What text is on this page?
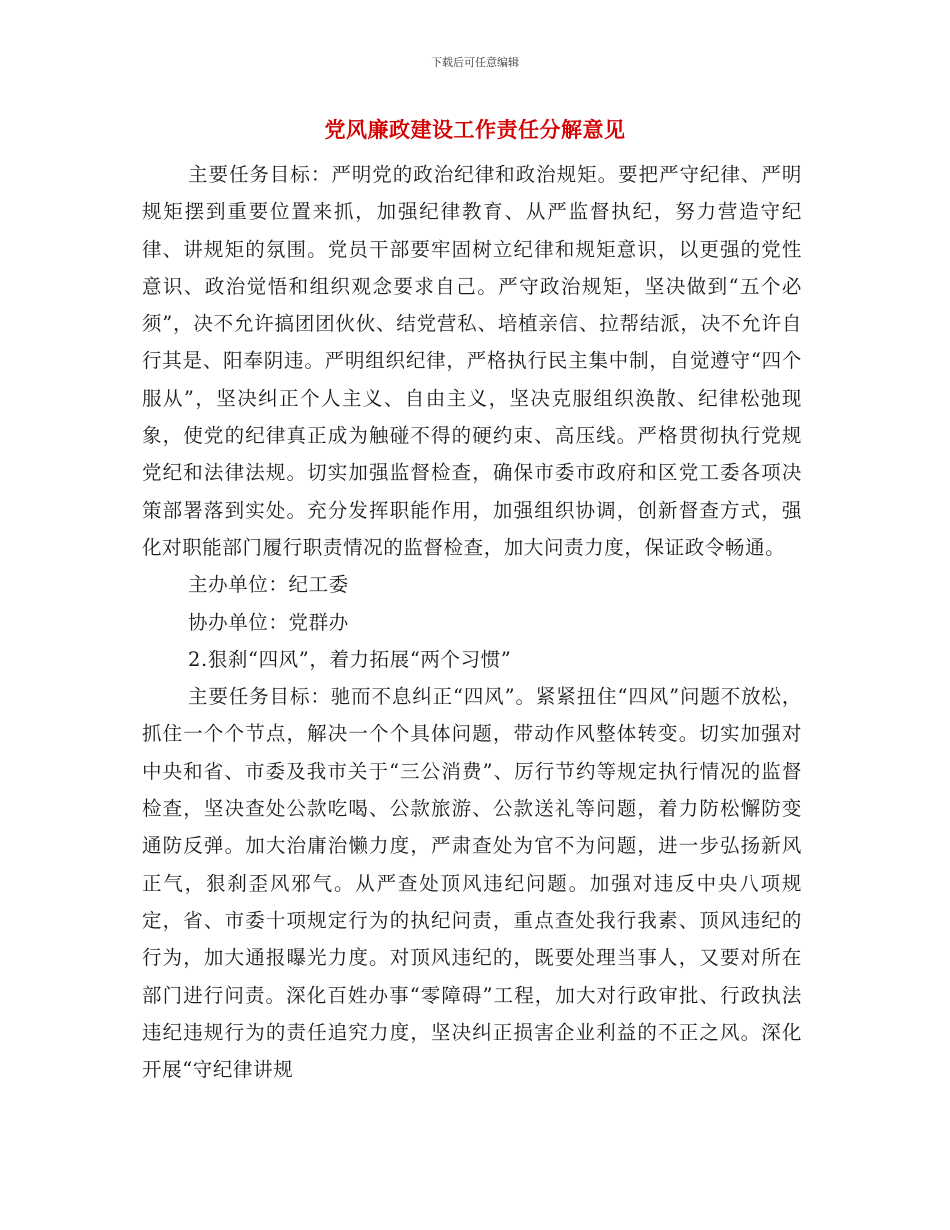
下载后可任意编辑
党风廉政建设工作责任分解意见

主要任务目标：严明党的政治纪律和政治规矩。要把严守纪律、严明规矩摆到重要位置来抓，加强纪律教育、从严监督执纪，努力营造守纪律、讲规矩的氛围。党员干部要牢固树立纪律和规矩意识，以更强的党性意识、政治觉悟和组织观念要求自己。严守政治规矩，坚决做到“五个必须”，决不允许搞团团伙伙、结党营私、培植亲信、拉帮结派，决不允许自行其是、阳奉阴违。严明组织纪律，严格执行民主集中制，自觉遵守“四个服从”，坚决纠正个人主义、自由主义，坚决克服组织涣散、纪律松弛现象，使党的纪律真正成为触碰不得的硬约束、高压线。严格贯彻执行党规党纪和法律法规。切实加强监督检查，确保市委市政府和区党工委各项决策部署落到实处。充分发挥职能作用，加强组织协调，创新督查方式，强化对职能部门履行职责情况的监督检查，加大问责力度，保证政令畅通。

主办单位：纪工委

协办单位：党群办

2.狠刹“四风”，着力拓展“两个习惯”

主要任务目标：驰而不息纠正“四风”。紧紧扭住“四风”问题不放松，抓住一个个节点，解决一个个具体问题，带动作风整体转变。切实加强对中央和省、市委及我市关于“三公消费”、厉行节约等规定执行情况的监督检查，坚决查处公款吃喝、公款旅游、公款送礼等问题，着力防松懈防变通防反弹。加大治庸治懒力度，严肃查处为官不为问题，进一步弘扬新风正气，狠刹歪风邪气。从严查处顶风违纪问题。加强对违反中央八项规定，省、市委十项规定行为的执纪问责，重点查处我行我素、顶风违纪的行为，加大通报曝光力度。对顶风违纪的，既要处理当事人，又要对所在部门进行问责。深化百姓办事“零障碍”工程，加大对行政审批、行政执法违纪违规行为的责任追究力度，坚决纠正损害企业利益的不正之风。深化开展“守纪律讲规
